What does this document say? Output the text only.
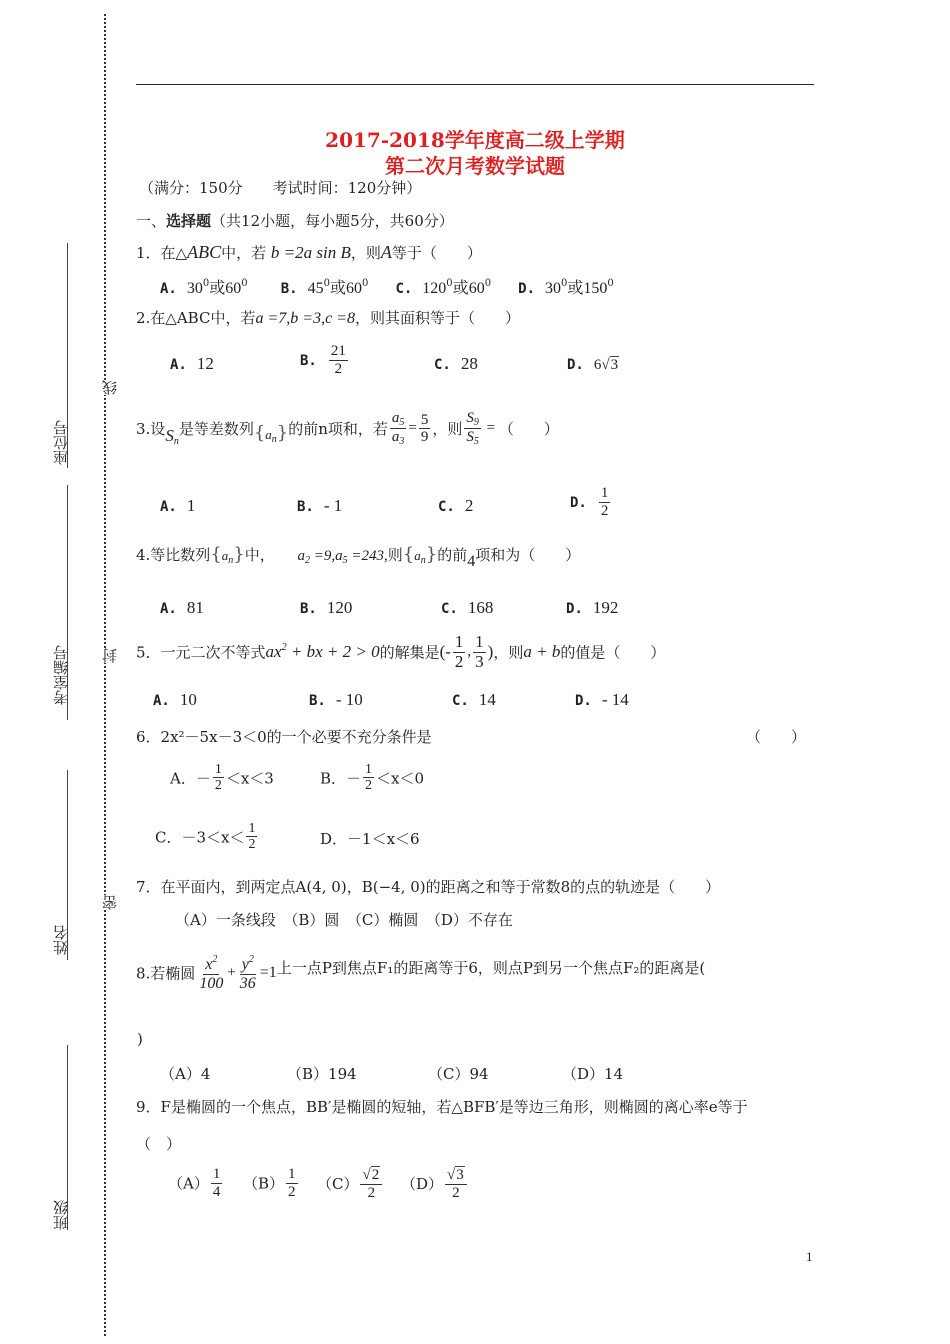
线
封
密
座位号
考室编号
姓名
班级
2017-2018学年度高二级上学期
第二次月考数学试题
（满分：150分　　考试时间：120分钟）
一、选择题（共12小题，每小题5分，共60分）
1．在△ABC中，若 b =2a sin B，则A等于（　　）
A. $30^0$或$60^0$ B. $45^0$或$60^0$ C. $120^0$或$60^0$ D. $30^0$或$150^0$
2.在△ABC中，若a =7,b =3,c =8，则其面积等于（　　）
A. 12	B. $\frac{21}{2}$	C. 28	D. 6√3
3.设$S_n$是等差数列$\{a_n\}$的前n项和，若 $\frac{a_5}{a_3} = \frac{5}{9}$ ，则 $\frac{S_9}{S_5}$ = （　　）
A. 1	B. - 1	C. 2	D. $\frac{1}{2}$
4.等比数列$\{a_n\}$中， $a_2 =9,a_5 =243$,则$\{a_n\}$的前4项和为（　　）
A. 81	B. 120	C. 168	D. 192
5．一元二次不等式$ax^2$ + bx + 2 > 0的解集是(- $\frac{1}{2}$ , $\frac{1}{3}$ )，则a + b的值是（　　）
A. 10	B. - 10	C. 14	D. - 14
6．2x²－5x－3＜0的一个必要不充分条件是	（　　）
A．－ $\frac{1}{2} <x<3$	B．－ $\frac{1}{2} <x<0$
C．$-3<x< \frac{1}{2}$	D．－1＜x＜6
7．在平面内，到两定点A(4, 0)，B(−4, 0)的距离之和等于常数8的点的轨迹是（　　）
（A）一条线段　（B）圆　（C）椭圆　（D）不存在
8.若椭圆 $\frac{x^2}{100} + \frac{y^2}{36} =1$上一点P到焦点F₁的距离等于6，则点P到另一个焦点F₂的距离是(
)
（A）4	（B）194	（C）94	（D）14
9．F是椭圆的一个焦点，BB′是椭圆的短轴，若△BFB′是等边三角形，则椭圆的离心率e等于
（　）
$(A) \frac{1}{4} (B) \frac{1}{2} (C) \frac{√2}{2} (D) \frac{√3}{2}$
1
